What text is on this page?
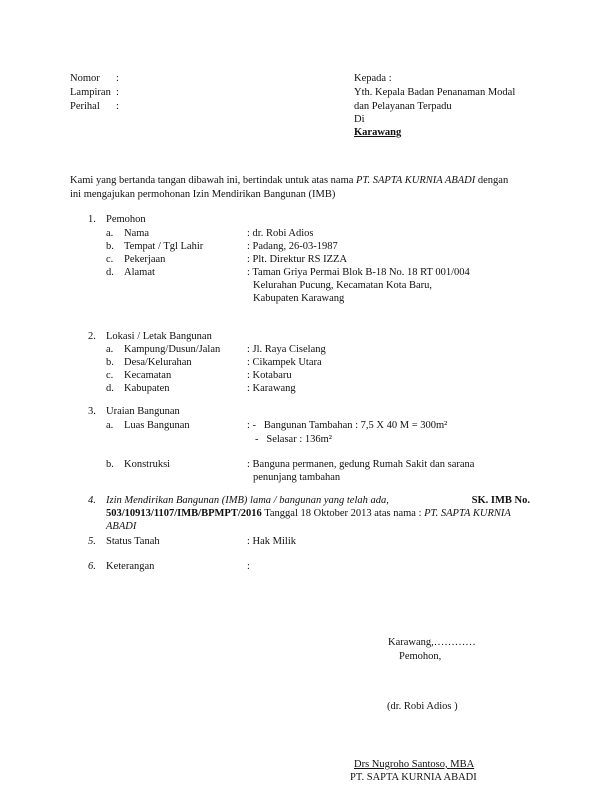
Nomor :
Lampiran :
Perihal :
Kepada :
Yth. Kepala Badan Penanaman Modal
dan Pelayanan Terpadu
Di
Karawang
Kami yang bertanda tangan dibawah ini, bertindak untuk atas nama PT. SAPTA KURNIA ABADI dengan
ini mengajukan permohonan Izin Mendirikan Bangunan (IMB)
1. Pemohon
a. Nama	: dr. Robi Adios
b. Tempat / Tgl Lahir	: Padang, 26-03-1987
c. Pekerjaan	: Plt. Direktur RS IZZA
d. Alamat	: Taman Griya Permai Blok B-18 No. 18 RT 001/004
Kelurahan Pucung, Kecamatan Kota Baru,
Kabupaten Karawang
2. Lokasi / Letak Bangunan
a. Kampung/Dusun/Jalan	: Jl. Raya Ciselang
b. Desa/Kelurahan	: Cikampek Utara
c. Kecamatan	: Kotabaru
d. Kabupaten	: Karawang
3. Uraian Bangunan
a. Luas Bangunan	: -   Bangunan Tambahan : 7,5 X 40 M = 300m²
-   Selasar : 136m²
b. Konstruksi	: Banguna permanen, gedung Rumah Sakit dan sarana
penunjang tambahan
4. Izin Mendirikan Bangunan (IMB) lama / bangunan yang telah ada,	SK. IMB No.
503/10913/1107/IMB/BPMPT/2016 Tanggal 18 Oktober 2013 atas nama : PT. SAPTA KURNIA
ABADI
5. Status Tanah	: Hak Milik
6. Keterangan	:
Karawang,…………
Pemohon,
(dr. Robi Adios )
Drs Nugroho Santoso, MBA
PT. SAPTA KURNIA ABADI
